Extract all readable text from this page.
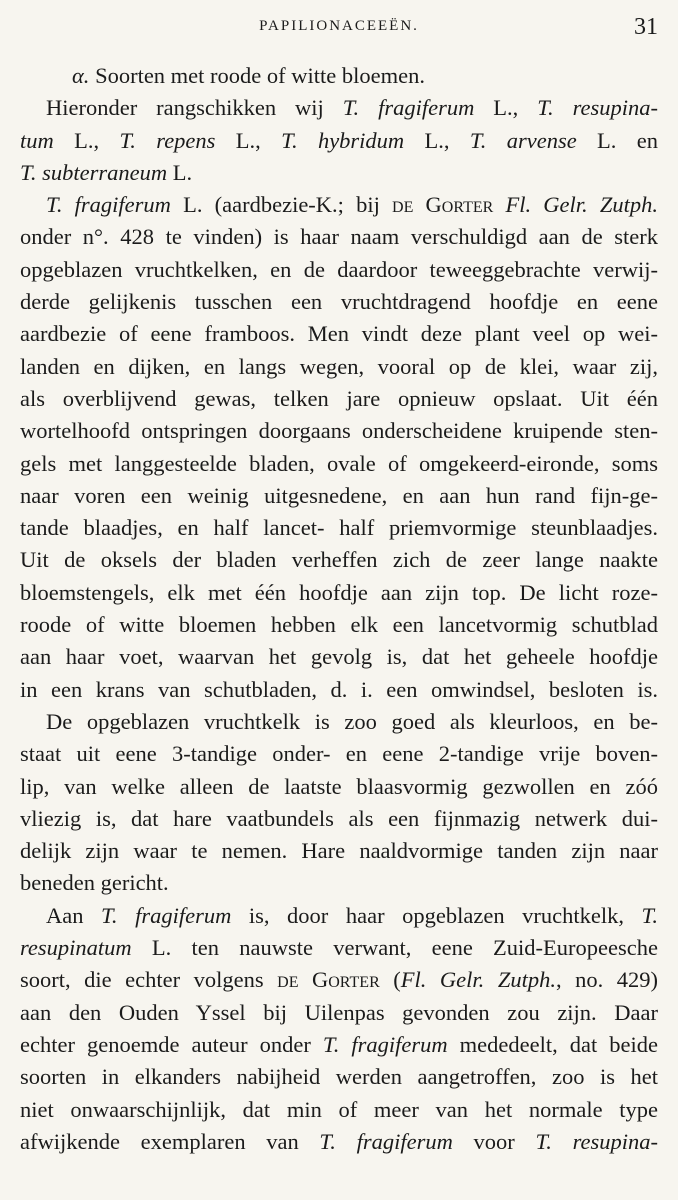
PAPILIONACEEËN.	31
α. Soorten met roode of witte bloemen.
Hieronder rangschikken wij T. fragiferum L., T. resupina-
tum L., T. repens L., T. hybridum L., T. arvense L. en
T. subterraneum L.
T. fragiferum L. (aardbezie-K.; bij de Gorter Fl. Gelr. Zutph.
onder n°. 428 te vinden) is haar naam verschuldigd aan de sterk
opgeblazen vruchtkelken, en de daardoor teweeggebrachte verwij-
derde gelijkenis tusschen een vruchtdragend hoofdje en eene
aardbezie of eene framboos. Men vindt deze plant veel op wei-
landen en dijken, en langs wegen, vooral op de klei, waar zij,
als overblijvend gewas, telken jare opnieuw opslaat. Uit één
wortelhoofd ontspringen doorgaans onderscheidene kruipende sten-
gels met langgesteelde bladen, ovale of omgekeerd-eironde, soms
naar voren een weinig uitgesnedene, en aan hun rand fijn-ge-
tande blaadjes, en half lancet- half priemvormige steunblaadjes.
Uit de oksels der bladen verheffen zich de zeer lange naakte
bloemstengels, elk met één hoofdje aan zijn top. De licht roze-
roode of witte bloemen hebben elk een lancetvormig schutblad
aan haar voet, waarvan het gevolg is, dat het geheele hoofdje
in een krans van schutbladen, d. i. een omwindsel, besloten is.
De opgeblazen vruchtkelk is zoo goed als kleurloos, en be-
staat uit eene 3-tandige onder- en eene 2-tandige vrije boven-
lip, van welke alleen de laatste blaasvormig gezwollen en zóó
vliezig is, dat hare vaatbundels als een fijnmazig netwerk dui-
delijk zijn waar te nemen. Hare naaldvormige tanden zijn naar
beneden gericht.
Aan T. fragiferum is, door haar opgeblazen vruchtkelk, T.
resupinatum L. ten nauwste verwant, eene Zuid-Europeesche
soort, die echter volgens de Gorter (Fl. Gelr. Zutph., no. 429)
aan den Ouden Yssel bij Uilenpas gevonden zou zijn. Daar
echter genoemde auteur onder T. fragiferum mededeelt, dat beide
soorten in elkanders nabijheid werden aangetroffen, zoo is het
niet onwaarschijnlijk, dat min of meer van het normale type
afwijkende exemplaren van T. fragiferum voor T. resupina-
